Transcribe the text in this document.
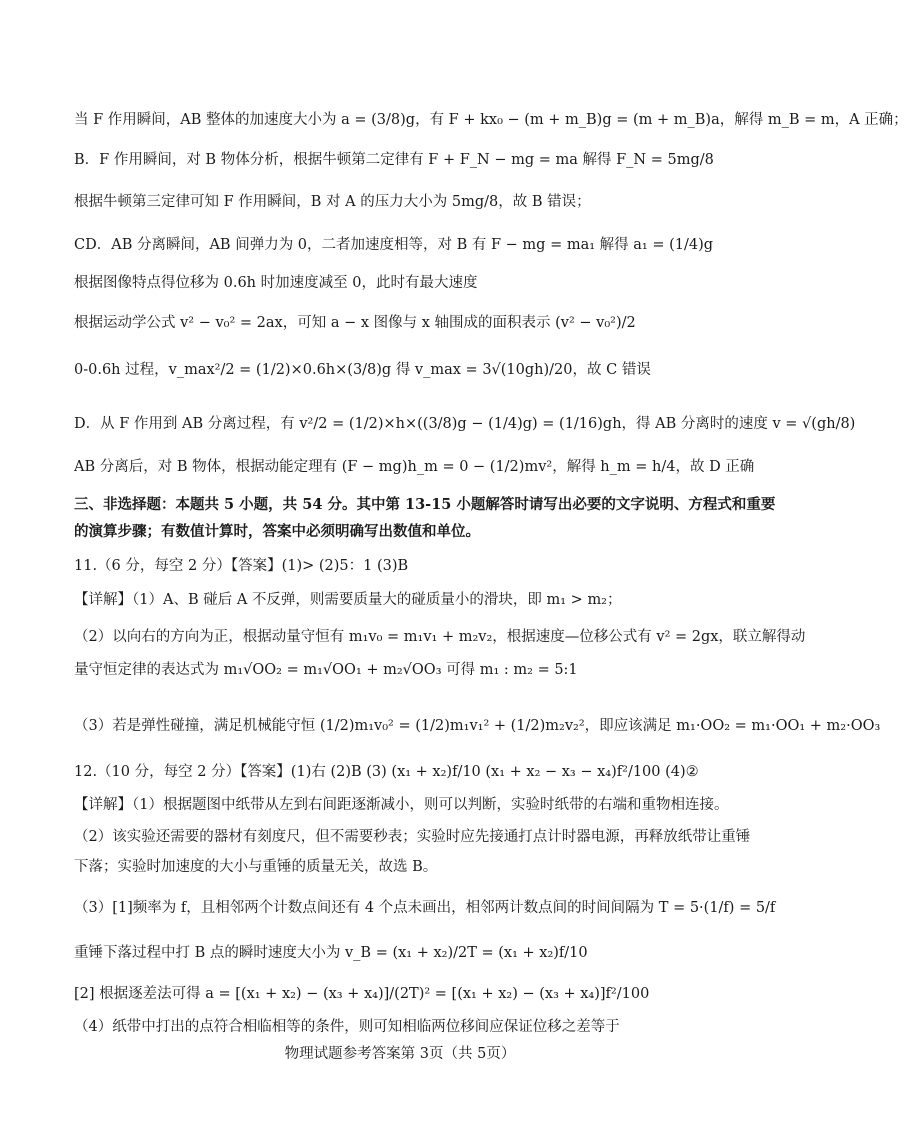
当 F 作用瞬间，AB 整体的加速度大小为 a = (3/8)g，有 F + kx₀ − (m + m_B)g = (m + m_B)a，解得 m_B = m，A 正确；
B．F 作用瞬间，对 B 物体分析，根据牛顿第二定律有 F + F_N − mg = ma 解得 F_N = 5mg/8
根据牛顿第三定律可知 F 作用瞬间，B 对 A 的压力大小为 5mg/8，故 B 错误；
CD．AB 分离瞬间，AB 间弹力为 0，二者加速度相等，对 B 有 F − mg = ma₁ 解得 a₁ = (1/4)g
根据图像特点得位移为 0.6h 时加速度减至 0，此时有最大速度
根据运动学公式 v² − v₀² = 2ax，可知 a − x 图像与 x 轴围成的面积表示 (v² − v₀²)/2
0-0.6h 过程，v_max²/2 = (1/2)×0.6h×(3/8)g 得 v_max = 3√(10gh)/20，故 C 错误
D．从 F 作用到 AB 分离过程，有 v²/2 = (1/2)×h×((3/8)g − (1/4)g) = (1/16)gh，得 AB 分离时的速度 v = √(gh/8)
AB 分离后，对 B 物体，根据动能定理有 (F − mg)h_m = 0 − (1/2)mv²，解得 h_m = h/4，故 D 正确
三、非选择题：本题共 5 小题，共 54 分。其中第 13-15 小题解答时请写出必要的文字说明、方程式和重要
的演算步骤；有数值计算时，答案中必须明确写出数值和单位。
11.（6 分，每空 2 分）【答案】(1)> (2)5：1 (3)B
【详解】（1）A、B 碰后 A 不反弹，则需要质量大的碰质量小的滑块，即 m₁ > m₂；
（2）以向右的方向为正，根据动量守恒有 m₁v₀ = m₁v₁ + m₂v₂，根据速度—位移公式有 v² = 2gx，联立解得动
量守恒定律的表达式为 m₁√OO₂ = m₁√OO₁ + m₂√OO₃ 可得 m₁ : m₂ = 5:1
（3）若是弹性碰撞，满足机械能守恒 (1/2)m₁v₀² = (1/2)m₁v₁² + (1/2)m₂v₂²，即应该满足 m₁·OO₂ = m₁·OO₁ + m₂·OO₃
12.（10 分，每空 2 分）【答案】(1)右 (2)B (3) (x₁ + x₂)f/10 (x₁ + x₂ − x₃ − x₄)f²/100 (4)②
【详解】（1）根据题图中纸带从左到右间距逐渐减小，则可以判断，实验时纸带的右端和重物相连接。
（2）该实验还需要的器材有刻度尺，但不需要秒表；实验时应先接通打点计时器电源，再释放纸带让重锤
下落；实验时加速度的大小与重锤的质量无关，故选 B。
（3）[1]频率为 f，且相邻两个计数点间还有 4 个点未画出，相邻两计数点间的时间间隔为 T = 5·(1/f) = 5/f
重锤下落过程中打 B 点的瞬时速度大小为 v_B = (x₁ + x₂)/2T = (x₁ + x₂)f/10
[2] 根据逐差法可得 a = [(x₁ + x₂) − (x₃ + x₄)]/(2T)² = [(x₁ + x₂) − (x₃ + x₄)]f²/100
（4）纸带中打出的点符合相临相等的条件，则可知相临两位移间应保证位移之差等于
物理试题参考答案第 3页（共 5页）
